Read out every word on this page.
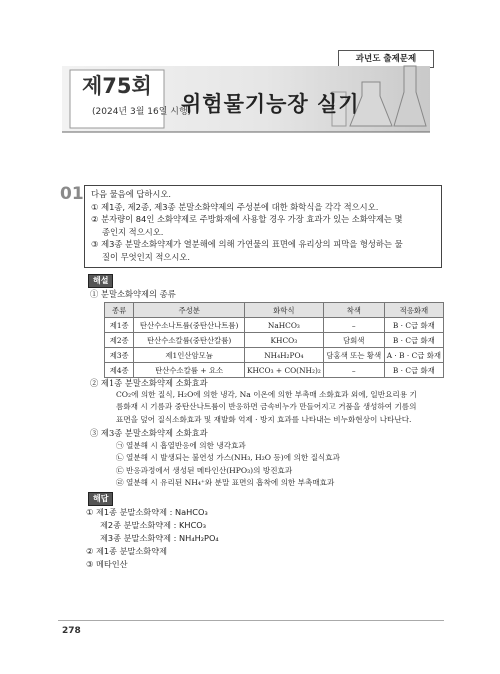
과년도 출제문제
제75회
(2024년 3월 16일 시행)
위험물기능장 실기
01 다음 물음에 답하시오.
① 제1종, 제2종, 제3종 분말소화약제의 주성분에 대한 화학식을 각각 적으시오.
② 분자량이 84인 소화약제로 주방화재에 사용할 경우 가장 효과가 있는 소화약제는 몇
종인지 적으시오.
③ 제3종 분말소화약제가 열분해에 의해 가연물의 표면에 유리상의 피막을 형성하는 물
질이 무엇인지 적으시오.
해설
① 분말소화약제의 종류
종류	주성분	화학식	착색	적응화재
제1종	탄산수소나트륨(중탄산나트륨)	NaHCO₃	–	B · C급 화재
제2종	탄산수소칼륨(중탄산칼륨)	KHCO₃	담회색	B · C급 화재
제3종	제1인산암모늄	NH₄H₂PO₄	담홍색 또는 황색	A · B · C급 화재
제4종	탄산수소칼륨 + 요소	KHCO₃ + CO(NH₂)₂	–	B · C급 화재
② 제1종 분말소화약제 소화효과
CO₂에 의한 질식, H₂O에 의한 냉각, Na 이온에 의한 부촉매 소화효과 외에, 일반요리용 기
름화재 시 기름과 중탄산나트륨이 반응하면 금속비누가 만들어지고 거품을 생성하여 기름의
표면을 덮어 질식소화효과 및 재발화 억제 · 방지 효과를 나타내는 비누화현상이 나타난다.
③ 제3종 분말소화약제 소화효과
㉠ 열분해 시 흡열반응에 의한 냉각효과
㉡ 열분해 시 발생되는 불연성 가스(NH₃, H₂O 등)에 의한 질식효과
㉢ 반응과정에서 생성된 메타인산(HPO₃)의 방진효과
㉣ 열분해 시 유리된 NH₄⁺와 분말 표면의 흡착에 의한 부촉매효과
해답
① 제1종 분말소화약제 : NaHCO₃
제2종 분말소화약제 : KHCO₃
제3종 분말소화약제 : NH₄H₂PO₄
② 제1종 분말소화약제
③ 메타인산
278
